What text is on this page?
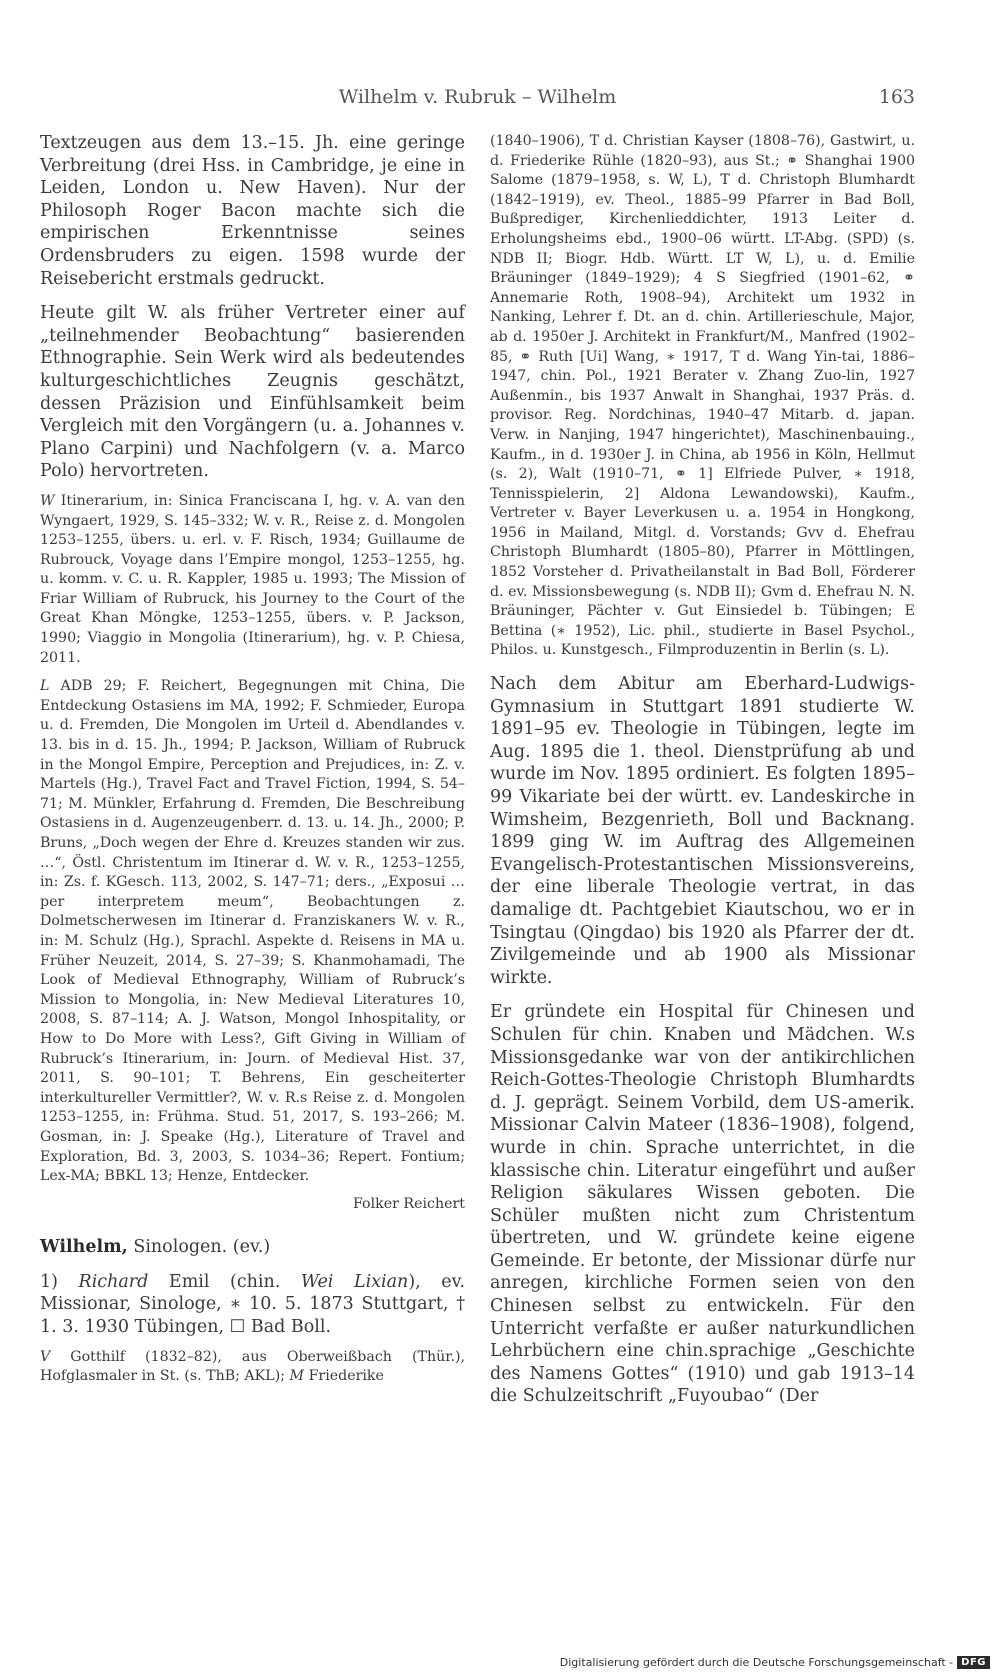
Wilhelm v. Rubruk – Wilhelm	163

Textzeugen aus dem 13.–15. Jh. eine geringe Verbreitung (drei Hss. in Cambridge, je eine in Leiden, London u. New Haven). Nur der Philosoph Roger Bacon machte sich die empirischen Erkenntnisse seines Ordensbruders zu eigen. 1598 wurde der Reisebericht erstmals gedruckt.

Heute gilt W. als früher Vertreter einer auf „teilnehmender Beobachtung“ basierenden Ethnographie. Sein Werk wird als bedeutendes kulturgeschichtliches Zeugnis geschätzt, dessen Präzision und Einfühlsamkeit beim Vergleich mit den Vorgängern (u. a. Johannes v. Plano Carpini) und Nachfolgern (v. a. Marco Polo) hervortreten.

W Itinerarium, in: Sinica Franciscana I, hg. v. A. van den Wyngaert, 1929, S. 145–332; W. v. R., Reise z. d. Mongolen 1253–1255, übers. u. erl. v. F. Risch, 1934; Guillaume de Rubrouck, Voyage dans l’Empire mongol, 1253–1255, hg. u. komm. v. C. u. R. Kappler, 1985 u. 1993; The Mission of Friar William of Rubruck, his Journey to the Court of the Great Khan Möngke, 1253–1255, übers. v. P. Jackson, 1990; Viaggio in Mongolia (Itinerarium), hg. v. P. Chiesa, 2011.

L ADB 29; F. Reichert, Begegnungen mit China, Die Entdeckung Ostasiens im MA, 1992; F. Schmieder, Europa u. d. Fremden, Die Mongolen im Urteil d. Abendlandes v. 13. bis in d. 15. Jh., 1994; P. Jackson, William of Rubruck in the Mongol Empire, Perception and Prejudices, in: Z. v. Martels (Hg.), Travel Fact and Travel Fiction, 1994, S. 54–71; M. Münkler, Erfahrung d. Fremden, Die Beschreibung Ostasiens in d. Augenzeugenberr. d. 13. u. 14. Jh., 2000; P. Bruns, „Doch wegen der Ehre d. Kreuzes standen wir zus. …“, Östl. Christentum im Itinerar d. W. v. R., 1253–1255, in: Zs. f. KGesch. 113, 2002, S. 147–71; ders., „Exposui … per interpretem meum“, Beobachtungen z. Dolmetscherwesen im Itinerar d. Franziskaners W. v. R., in: M. Schulz (Hg.), Sprachl. Aspekte d. Reisens in MA u. Früher Neuzeit, 2014, S. 27–39; S. Khanmohamadi, The Look of Medieval Ethnography, William of Rubruck’s Mission to Mongolia, in: New Medieval Literatures 10, 2008, S. 87–114; A. J. Watson, Mongol Inhospitality, or How to Do More with Less?, Gift Giving in William of Rubruck’s Itinerarium, in: Journ. of Medieval Hist. 37, 2011, S. 90–101; T. Behrens, Ein gescheiterter interkultureller Vermittler?, W. v. R.s Reise z. d. Mongolen 1253–1255, in: Frühma. Stud. 51, 2017, S. 193–266; M. Gosman, in: J. Speake (Hg.), Literature of Travel and Exploration, Bd. 3, 2003, S. 1034–36; Repert. Fontium; Lex-MA; BBKL 13; Henze, Entdecker.

Folker Reichert

Wilhelm, Sinologen. (ev.)

1) Richard Emil (chin. Wei Lixian), ev. Missionar, Sinologe, ∗ 10. 5. 1873 Stuttgart, † 1. 3. 1930 Tübingen, ☐ Bad Boll.

V Gotthilf (1832–82), aus Oberweißbach (Thür.), Hofglasmaler in St. (s. ThB; AKL); M Friederike

(1840–1906), T d. Christian Kayser (1808–76), Gastwirt, u. d. Friederike Rühle (1820–93), aus St.; ⚭ Shanghai 1900 Salome (1879–1958, s. W, L), T d. Christoph Blumhardt (1842–1919), ev. Theol., 1885–99 Pfarrer in Bad Boll, Bußprediger, Kirchenlieddichter, 1913 Leiter d. Erholungsheims ebd., 1900–06 württ. LT-Abg. (SPD) (s. NDB II; Biogr. Hdb. Württ. LT W, L), u. d. Emilie Bräuninger (1849–1929); 4 S Siegfried (1901–62, ⚭ Annemarie Roth, 1908–94), Architekt um 1932 in Nanking, Lehrer f. Dt. an d. chin. Artillerieschule, Major, ab d. 1950er J. Architekt in Frankfurt/M., Manfred (1902–85, ⚭ Ruth [Ui] Wang, ∗ 1917, T d. Wang Yin-tai, 1886–1947, chin. Pol., 1921 Berater v. Zhang Zuo-lin, 1927 Außenmin., bis 1937 Anwalt in Shanghai, 1937 Präs. d. provisor. Reg. Nordchinas, 1940–47 Mitarb. d. japan. Verw. in Nanjing, 1947 hingerichtet), Maschinenbauing., Kaufm., in d. 1930er J. in China, ab 1956 in Köln, Hellmut (s. 2), Walt (1910–71, ⚭ 1] Elfriede Pulver, ∗ 1918, Tennisspielerin, 2] Aldona Lewandowski), Kaufm., Vertreter v. Bayer Leverkusen u. a. 1954 in Hongkong, 1956 in Mailand, Mitgl. d. Vorstands; Gvv d. Ehefrau Christoph Blumhardt (1805–80), Pfarrer in Möttlingen, 1852 Vorsteher d. Privatheilanstalt in Bad Boll, Förderer d. ev. Missionsbewegung (s. NDB II); Gvm d. Ehefrau N. N. Bräuninger, Pächter v. Gut Einsiedel b. Tübingen; E Bettina (∗ 1952), Lic. phil., studierte in Basel Psychol., Philos. u. Kunstgesch., Filmproduzentin in Berlin (s. L).

Nach dem Abitur am Eberhard-Ludwigs-Gymnasium in Stuttgart 1891 studierte W. 1891–95 ev. Theologie in Tübingen, legte im Aug. 1895 die 1. theol. Dienstprüfung ab und wurde im Nov. 1895 ordiniert. Es folgten 1895–99 Vikariate bei der württ. ev. Landeskirche in Wimsheim, Bezgenrieth, Boll und Backnang. 1899 ging W. im Auftrag des Allgemeinen Evangelisch-Protestantischen Missionsvereins, der eine liberale Theologie vertrat, in das damalige dt. Pachtgebiet Kiautschou, wo er in Tsingtau (Qingdao) bis 1920 als Pfarrer der dt. Zivilgemeinde und ab 1900 als Missionar wirkte.

Er gründete ein Hospital für Chinesen und Schulen für chin. Knaben und Mädchen. W.s Missionsgedanke war von der antikirchlichen Reich-Gottes-Theologie Christoph Blumhardts d. J. geprägt. Seinem Vorbild, dem US-amerik. Missionar Calvin Mateer (1836–1908), folgend, wurde in chin. Sprache unterrichtet, in die klassische chin. Literatur eingeführt und außer Religion säkulares Wissen geboten. Die Schüler mußten nicht zum Christentum übertreten, und W. gründete keine eigene Gemeinde. Er betonte, der Missionar dürfe nur anregen, kirchliche Formen seien von den Chinesen selbst zu entwickeln. Für den Unterricht verfaßte er außer naturkundlichen Lehrbüchern eine chin.sprachige „Geschichte des Namens Gottes“ (1910) und gab 1913–14 die Schulzeitschrift „Fuyoubao“ (Der

Digitalisierung gefördert durch die Deutsche Forschungsgemeinschaft - DFG
